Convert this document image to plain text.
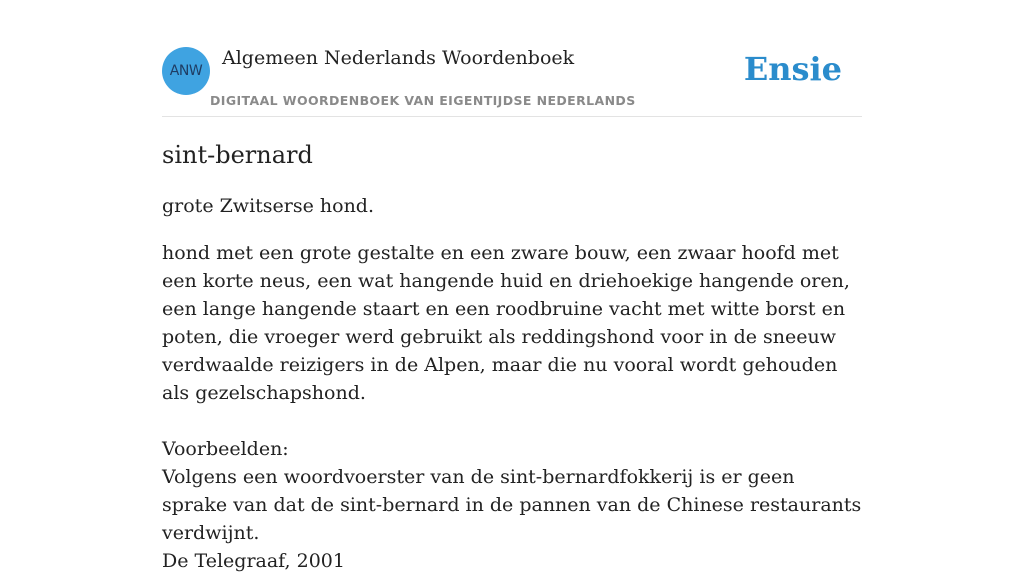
ANW
Algemeen Nederlands Woordenboek
DIGITAAL WOORDENBOEK VAN EIGENTIJDSE NEDERLANDS
Ensie
sint-bernard

grote Zwitserse hond.

hond met een grote gestalte en een zware bouw, een zwaar hoofd met een korte neus, een wat hangende huid en driehoekige hangende oren, een lange hangende staart en een roodbruine vacht met witte borst en poten, die vroeger werd gebruikt als reddingshond voor in de sneeuw verdwaalde reizigers in de Alpen, maar die nu vooral wordt gehouden als gezelschapshond.

Voorbeelden:
Volgens een woordvoerster van de sint-bernardfokkerij is er geen sprake van dat de sint-bernard in de pannen van de Chinese restaurants verdwijnt.
De Telegraaf, 2001
